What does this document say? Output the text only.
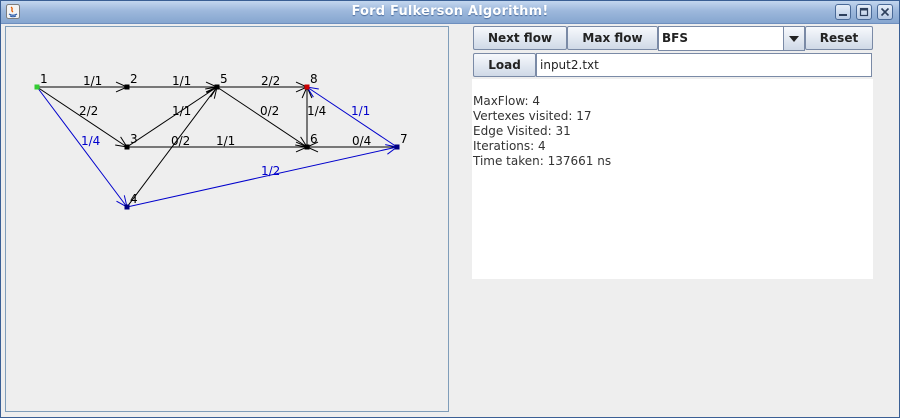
Ford Fulkerson Algorithm!
1/1
2/2
1/4
1/1
1/1
1/1
0/2
2/2
0/2 1/4
0/4
1/2
1/1
1	2
3
4
5
6	7
8
Next flow	Max flow	BFS	Reset
Load	input2.txt
MaxFlow: 4
Vertexes visited: 17
Edge Visited: 31
Iterations: 4
Time taken: 137661 ns
